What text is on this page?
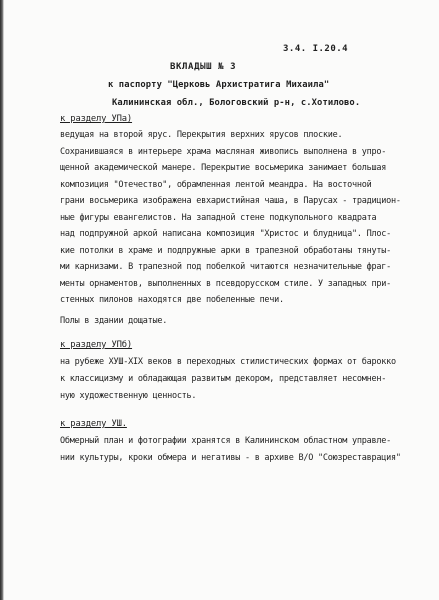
3.4. I.20.4
ВКЛАДЫШ № 3
к паспорту "Церковь Архистратига Михаила"
Калининская обл., Бологовский р-н, с.Хотилово.
к разделу УПа)
ведущая на второй ярус. Перекрытия верхних ярусов плоские.
Сохранившаяся в интерьере храма масляная живопись выполнена в упро-
щенной академической манере. Перекрытие восьмерика занимает большая
композиция "Отечество", обрамленная лентой меандра. На восточной
грани восьмерика изображена евхаристийная чаша, в Парусах - традицион-
ные фигуры евангелистов. На западной стене подкупольного квадрата
над подпружной аркой написана композиция "Христос и блудница". Плос-
кие потолки в храме и подпружные арки в трапезной обработаны тянуты-
ми карнизами. В трапезной под побелкой читаются незначительные фраг-
менты орнаментов, выполненных в псевдорусском стиле. У западных при-
стенных пилонов находятся две побеленные печи.
Полы в здании дощатые.
к разделу УПб)
на рубеже XУШ-XIX веков в переходных стилистических формах от барокко
к классицизму и обладающая развитым декором, представляет несомнен-
ную художественную ценность.
к разделу УШ.
Обмерный план и фотографии хранятся в Калининском областном управле-
нии культуры, кроки обмера и негативы - в архиве В/О "Союзреставрация"
